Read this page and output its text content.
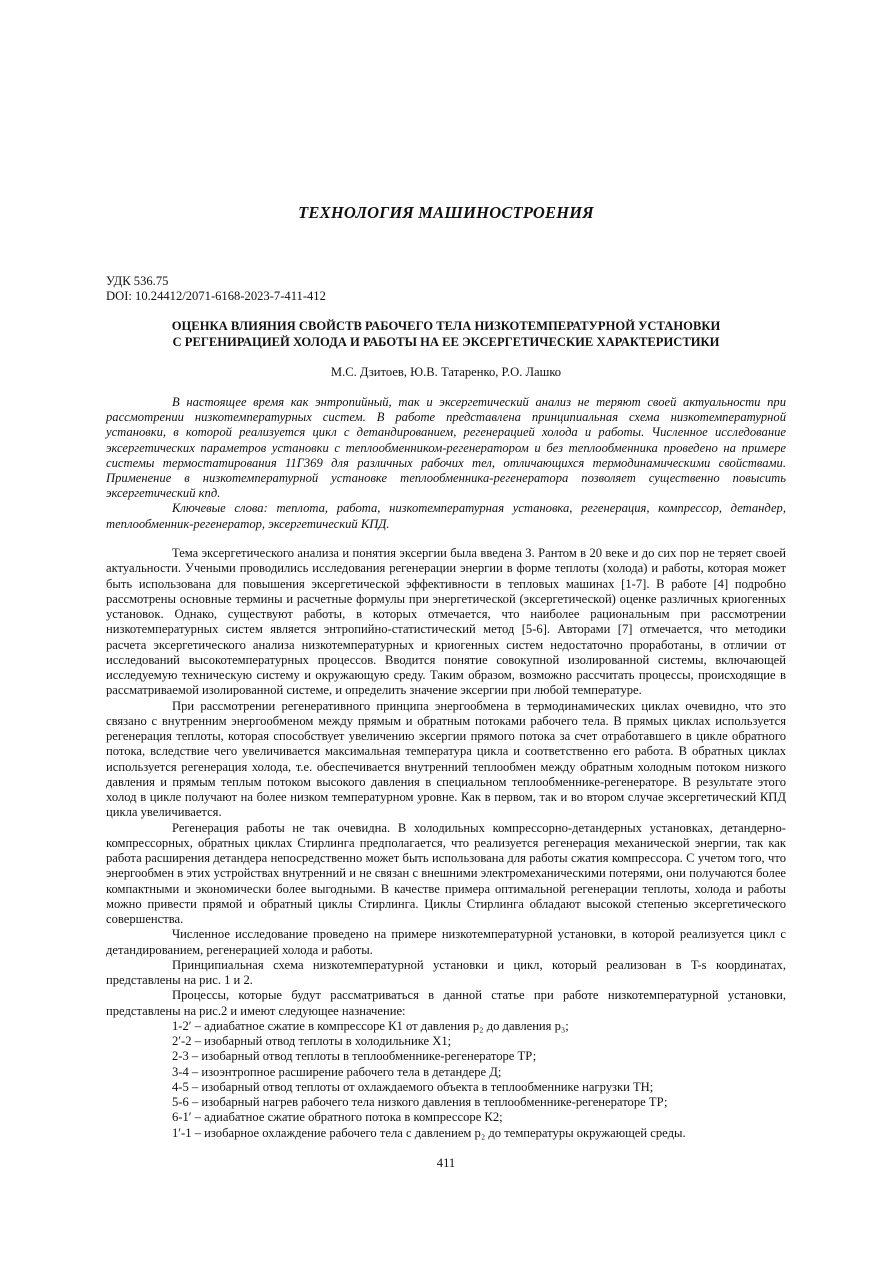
ТЕХНОЛОГИЯ МАШИНОСТРОЕНИЯ
УДК 536.75
DOI: 10.24412/2071-6168-2023-7-411-412
ОЦЕНКА ВЛИЯНИЯ СВОЙСТВ РАБОЧЕГО ТЕЛА НИЗКОТЕМПЕРАТУРНОЙ УСТАНОВКИ
С РЕГЕНИРАЦИЕЙ ХОЛОДА И РАБОТЫ НА ЕЕ ЭКСЕРГЕТИЧЕСКИЕ ХАРАКТЕРИСТИКИ
М.С. Дзитоев, Ю.В. Татаренко, Р.О. Лашко

В настоящее время как энтропийный, так и эксергетический анализ не теряют своей актуальности при рассмотрении низкотемпературных систем. В работе представлена принципиальная схема низкотемпературной установки, в которой реализуется цикл с детандированием, регенерацией холода и работы. Численное исследование эксергетических параметров установки с теплообменником-регенератором и без теплообменника проведено на примере системы термостатирования 11Г369 для различных рабочих тел, отличающихся термодинамическими свойствами. Применение в низкотемпературной установке теплообменника-регенератора позволяет существенно повысить эксергетический кпд.

Ключевые слова: теплота, работа, низкотемпературная установка, регенерация, компрессор, детандер, теплообменник-регенератор, эксергетический КПД.

Тема эксергетического анализа и понятия эксергии была введена З. Рантом в 20 веке и до сих пор не теряет своей актуальности. Учеными проводились исследования регенерации энергии в форме теплоты (холода) и работы, которая может быть использована для повышения эксергетической эффективности в тепловых машинах [1-7]. В работе [4] подробно рассмотрены основные термины и расчетные формулы при энергетической (эксергетической) оценке различных криогенных установок. Однако, существуют работы, в которых отмечается, что наиболее рациональным при рассмотрении низкотемпературных систем является энтропийно-статистический метод [5-6]. Авторами [7] отмечается, что методики расчета эксергетического анализа низкотемпературных и криогенных систем недостаточно проработаны, в отличии от исследований высокотемпературных процессов. Вводится понятие совокупной изолированной системы, включающей исследуемую техническую систему и окружающую среду. Таким образом, возможно рассчитать процессы, происходящие в рассматриваемой изолированной системе, и определить значение эксергии при любой температуре.

При рассмотрении регенеративного принципа энергообмена в термодинамических циклах очевидно, что это связано с внутренним энергообменом между прямым и обратным потоками рабочего тела. В прямых циклах используется регенерация теплоты, которая способствует увеличению эксергии прямого потока за счет отработавшего в цикле обратного потока, вследствие чего увеличивается максимальная температура цикла и соответственно его работа. В обратных циклах используется регенерация холода, т.е. обеспечивается внутренний теплообмен между обратным холодным потоком низкого давления и прямым теплым потоком высокого давления в специальном теплообменнике-регенераторе. В результате этого холод в цикле получают на более низком температурном уровне. Как в первом, так и во втором случае эксергетический КПД цикла увеличивается.

Регенерация работы не так очевидна. В холодильных компрессорно-детандерных установках, детандерно-компрессорных, обратных циклах Стирлинга предполагается, что реализуется регенерация механической энергии, так как работа расширения детандера непосредственно может быть использована для работы сжатия компрессора. С учетом того, что энергообмен в этих устройствах внутренний и не связан с внешними электромеханическими потерями, они получаются более компактными и экономически более выгодными. В качестве примера оптимальной регенерации теплоты, холода и работы можно привести прямой и обратный циклы Стирлинга. Циклы Стирлинга обладают высокой степенью эксергетического совершенства.

Численное исследование проведено на примере низкотемпературной установки, в которой реализуется цикл с детандированием, регенерацией холода и работы.

Принципиальная схема низкотемпературной установки и цикл, который реализован в T-s координатах, представлены на рис. 1 и 2.

Процессы, которые будут рассматриваться в данной статье при работе низкотемпературной установки, представлены на рис.2 и имеют следующее назначение:

1-2′ – адиабатное сжатие в компрессоре К1 от давления p₂ до давления p₃;
2′-2 – изобарный отвод теплоты в холодильнике Х1;
2-3 – изобарный отвод теплоты в теплообменнике-регенераторе ТР;
3-4 – изоэнтропное расширение рабочего тела в детандере Д;
4-5 – изобарный отвод теплоты от охлаждаемого объекта в теплообменнике нагрузки ТН;
5-6 – изобарный нагрев рабочего тела низкого давления в теплообменнике-регенераторе ТР;
6-1′ – адиабатное сжатие обратного потока в компрессоре К2;
1′-1 – изобарное охлаждение рабочего тела с давлением p₂ до температуры окружающей среды.
411
